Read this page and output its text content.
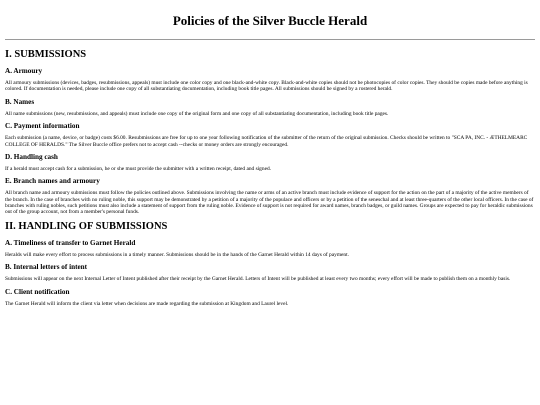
Policies of the Silver Buccle Herald
I. SUBMISSIONS
A. Armoury

All armoury submissions (devices, badges, resubmissions, appeals) must include one color copy and one black-and-white copy. Black-and-white copies should not be photocopies of color copies. They should be copies made before anything is colored. If documentation is needed, please include one copy of all substantiating documentation, including book title pages. All submissions should be signed by a rostered herald.

B. Names

All name submissions (new, resubmissions, and appeals) must include one copy of the original form and one copy of all substantiating documentation, including book title pages.

C. Payment information

Each submission (a name, device, or badge) costs $6.00. Resubmissions are free for up to one year following notification of the submitter of the return of the original submission. Checks should be written to "SCA PA, INC. - ÆTHELMEARC COLLEGE OF HERALDS." The Silver Buccle office prefers not to accept cash --checks or money orders are strongly encouraged.

D. Handling cash

If a herald must accept cash for a submission, he or she must provide the submitter with a written receipt, dated and signed.

E. Branch names and armoury

All branch name and armoury submissions must follow the policies outlined above. Submissions involving the name or arms of an active branch must include evidence of support for the action on the part of a majority of the active members of the branch. In the case of branches with no ruling noble, this support may be demonstrated by a petition of a majority of the populace and officers or by a petition of the seneschal and at least three-quarters of the other local officers. In the case of branches with ruling nobles, such petitions must also include a statement of support from the ruling noble. Evidence of support is not required for award names, branch badges, or guild names. Groups are expected to pay for heraldic submissions out of the group account, not from a member's personal funds.

II. HANDLING OF SUBMISSIONS
A. Timeliness of transfer to Garnet Herald

Heralds will make every effort to process submissions in a timely manner. Submissions should be in the hands of the Garnet Herald within 14 days of payment.

B. Internal letters of intent

Submissions will appear on the next Internal Letter of Intent published after their receipt by the Garnet Herald. Letters of Intent will be published at least every two months; every effort will be made to publish them on a monthly basis.

C. Client notification

The Garnet Herald will inform the client via letter when decisions are made regarding the submission at Kingdom and Laurel level.
